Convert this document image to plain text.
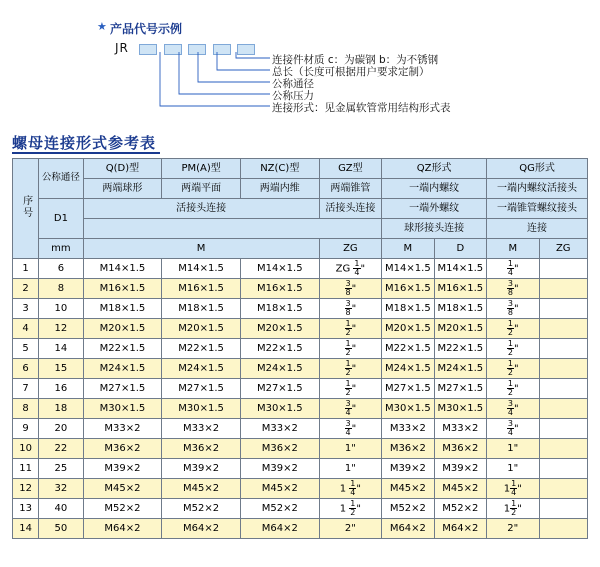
★ 产品代号示例
JR

连接件材质 c：为碳钢 b：为不锈钢
总长（长度可根据用户要求定制）
公称通径
公称压力
连接形式：见金属软管常用结构形式表
螺母连接形式参考表
序号	公称通径	Q(D)型	PM(A)型	NZ(C)型	GZ型	QZ形式		QG形式	
		两端球形	两端平面	两端内维	两端锥管	一端内螺纹		一端内螺纹活接头	
	D1	活接头连接			活接头连接	一端外螺纹		一端锥管螺纹接头	
						球形接头连接		连接	
	mm	M			ZG	M	D	M	ZG
1	6	M14×1.5	M14×1.5	M14×1.5	ZG $\frac{1}{4}$ "	M14×1.5	M14×1.5	$\frac{1}{4}$ "	
2	8	M16×1.5	M16×1.5	M16×1.5	$\frac{3}{8}$ "	M16×1.5	M16×1.5	$\frac{3}{8}$ "	
3	10	M18×1.5	M18×1.5	M18×1.5	$\frac{3}{8}$ "	M18×1.5	M18×1.5	$\frac{3}{8}$ "	
4	12	M20×1.5	M20×1.5	M20×1.5	$\frac{1}{2}$ "	M20×1.5	M20×1.5	$\frac{1}{2}$ "	
5	14	M22×1.5	M22×1.5	M22×1.5	$\frac{1}{2}$ "	M22×1.5	M22×1.5	$\frac{1}{2}$ "	
6	15	M24×1.5	M24×1.5	M24×1.5	$\frac{1}{2}$ "	M24×1.5	M24×1.5	$\frac{1}{2}$ "	
7	16	M27×1.5	M27×1.5	M27×1.5	$\frac{1}{2}$ "	M27×1.5	M27×1.5	$\frac{1}{2}$ "	
8	18	M30×1.5	M30×1.5	M30×1.5	$\frac{3}{4}$ "	M30×1.5	M30×1.5	$\frac{3}{4}$ "	
9	20	M33×2	M33×2	M33×2	$\frac{3}{4}$ "	M33×2	M33×2	$\frac{3}{4}$ "	
10	22	M36×2	M36×2	M36×2	1"	M36×2	M36×2	1"	
11	25	M39×2	M39×2	M39×2	1"	M39×2	M39×2	1"	
12	32	M45×2	M45×2	M45×2	$1 \frac{1}{4}$ "	M45×2	M45×2	$1 \frac{1}{4}$ "	
13	40	M52×2	M52×2	M52×2	$1 \frac{1}{2}$ "	M52×2	M52×2	$1 \frac{1}{2}$ "	
14	50	M64×2	M64×2	M64×2	2"	M64×2	M64×2	2"	
